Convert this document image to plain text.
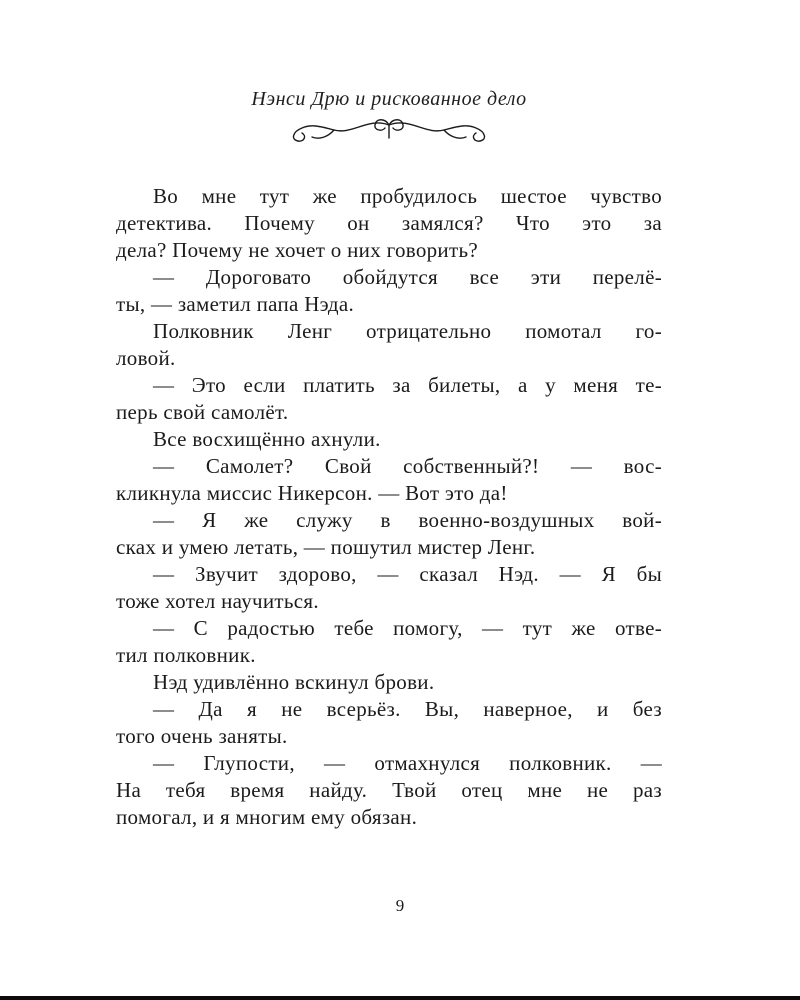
Нэнси Дрю и рискованное дело
Во мне тут же пробудилось шестое чувство
детектива. Почему он замялся? Что это за
дела? Почему не хочет о них говорить?
— Дороговато обойдутся все эти перелё-
ты, — заметил папа Нэда.
Полковник Ленг отрицательно помотал го-
ловой.
— Это если платить за билеты, а у меня те-
перь свой самолёт.
Все восхищённо ахнули.
— Самолет? Свой собственный?! — вос-
кликнула миссис Никерсон. — Вот это да!
— Я же служу в военно-воздушных вой-
сках и умею летать, — пошутил мистер Ленг.
— Звучит здорово, — сказал Нэд. — Я бы
тоже хотел научиться.
— С радостью тебе помогу, — тут же отве-
тил полковник.
Нэд удивлённо вскинул брови.
— Да я не всерьёз. Вы, наверное, и без
того очень заняты.
— Глупости, — отмахнулся полковник. —
На тебя время найду. Твой отец мне не раз
помогал, и я многим ему обязан.
9
